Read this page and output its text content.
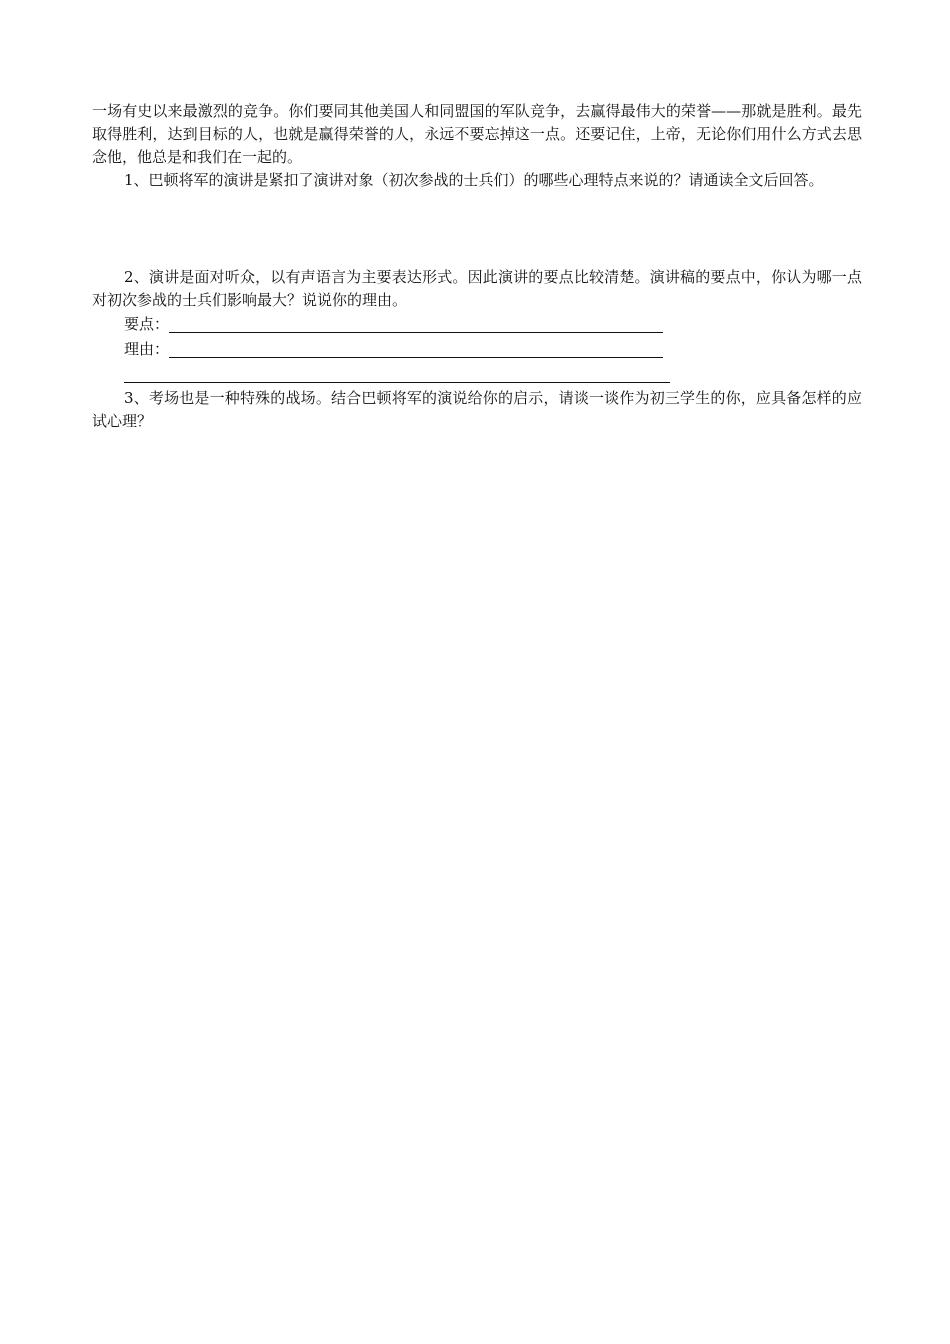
一场有史以来最激烈的竞争。你们要同其他美国人和同盟国的军队竞争，去赢得最伟大的荣誉——那就是胜利。最先取得胜利，达到目标的人，也就是赢得荣誉的人，永远不要忘掉这一点。还要记住，上帝，无论你们用什么方式去思念他，他总是和我们在一起的。

1、巴顿将军的演讲是紧扣了演讲对象（初次参战的士兵们）的哪些心理特点来说的？请通读全文后回答。

2、演讲是面对听众，以有声语言为主要表达形式。因此演讲的要点比较清楚。演讲稿的要点中，你认为哪一点对初次参战的士兵们影响最大？说说你的理由。

要点：
理由：

3、考场也是一种特殊的战场。结合巴顿将军的演说给你的启示，请谈一谈作为初三学生的你，应具备怎样的应试心理？
